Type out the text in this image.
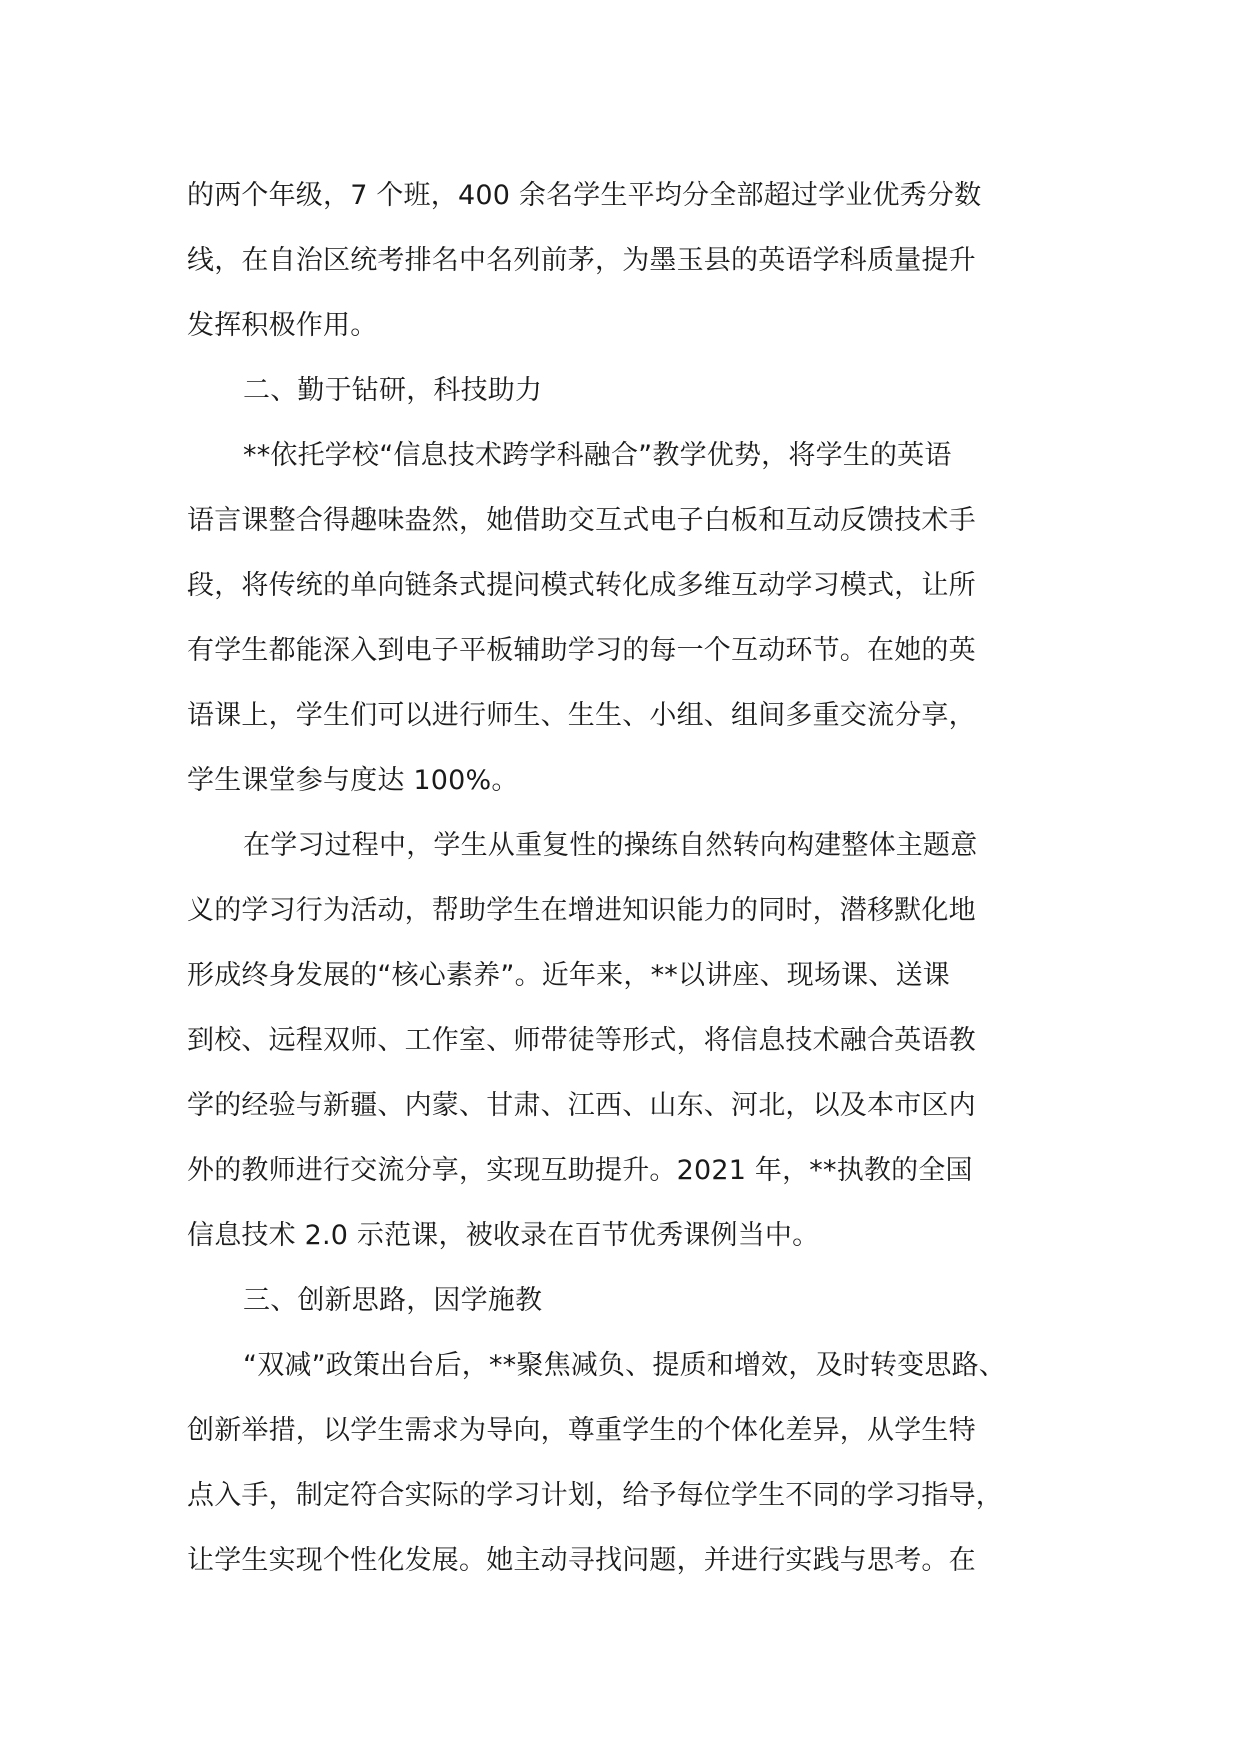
的两个年级，7 个班，400 余名学生平均分全部超过学业优秀分数
线，在自治区统考排名中名列前茅，为墨玉县的英语学科质量提升
发挥积极作用。
二、勤于钻研，科技助力
**依托学校“信息技术跨学科融合”教学优势，将学生的英语
语言课整合得趣味盎然，她借助交互式电子白板和互动反馈技术手
段，将传统的单向链条式提问模式转化成多维互动学习模式，让所
有学生都能深入到电子平板辅助学习的每一个互动环节。在她的英
语课上，学生们可以进行师生、生生、小组、组间多重交流分享，
学生课堂参与度达 100%。
在学习过程中，学生从重复性的操练自然转向构建整体主题意
义的学习行为活动，帮助学生在增进知识能力的同时，潜移默化地
形成终身发展的“核心素养”。近年来，**以讲座、现场课、送课
到校、远程双师、工作室、师带徒等形式，将信息技术融合英语教
学的经验与新疆、内蒙、甘肃、江西、山东、河北，以及本市区内
外的教师进行交流分享，实现互助提升。2021 年，**执教的全国
信息技术 2.0 示范课，被收录在百节优秀课例当中。
三、创新思路，因学施教
“双减”政策出台后，**聚焦减负、提质和增效，及时转变思路、
创新举措，以学生需求为导向，尊重学生的个体化差异，从学生特
点入手，制定符合实际的学习计划，给予每位学生不同的学习指导，
让学生实现个性化发展。她主动寻找问题，并进行实践与思考。在
